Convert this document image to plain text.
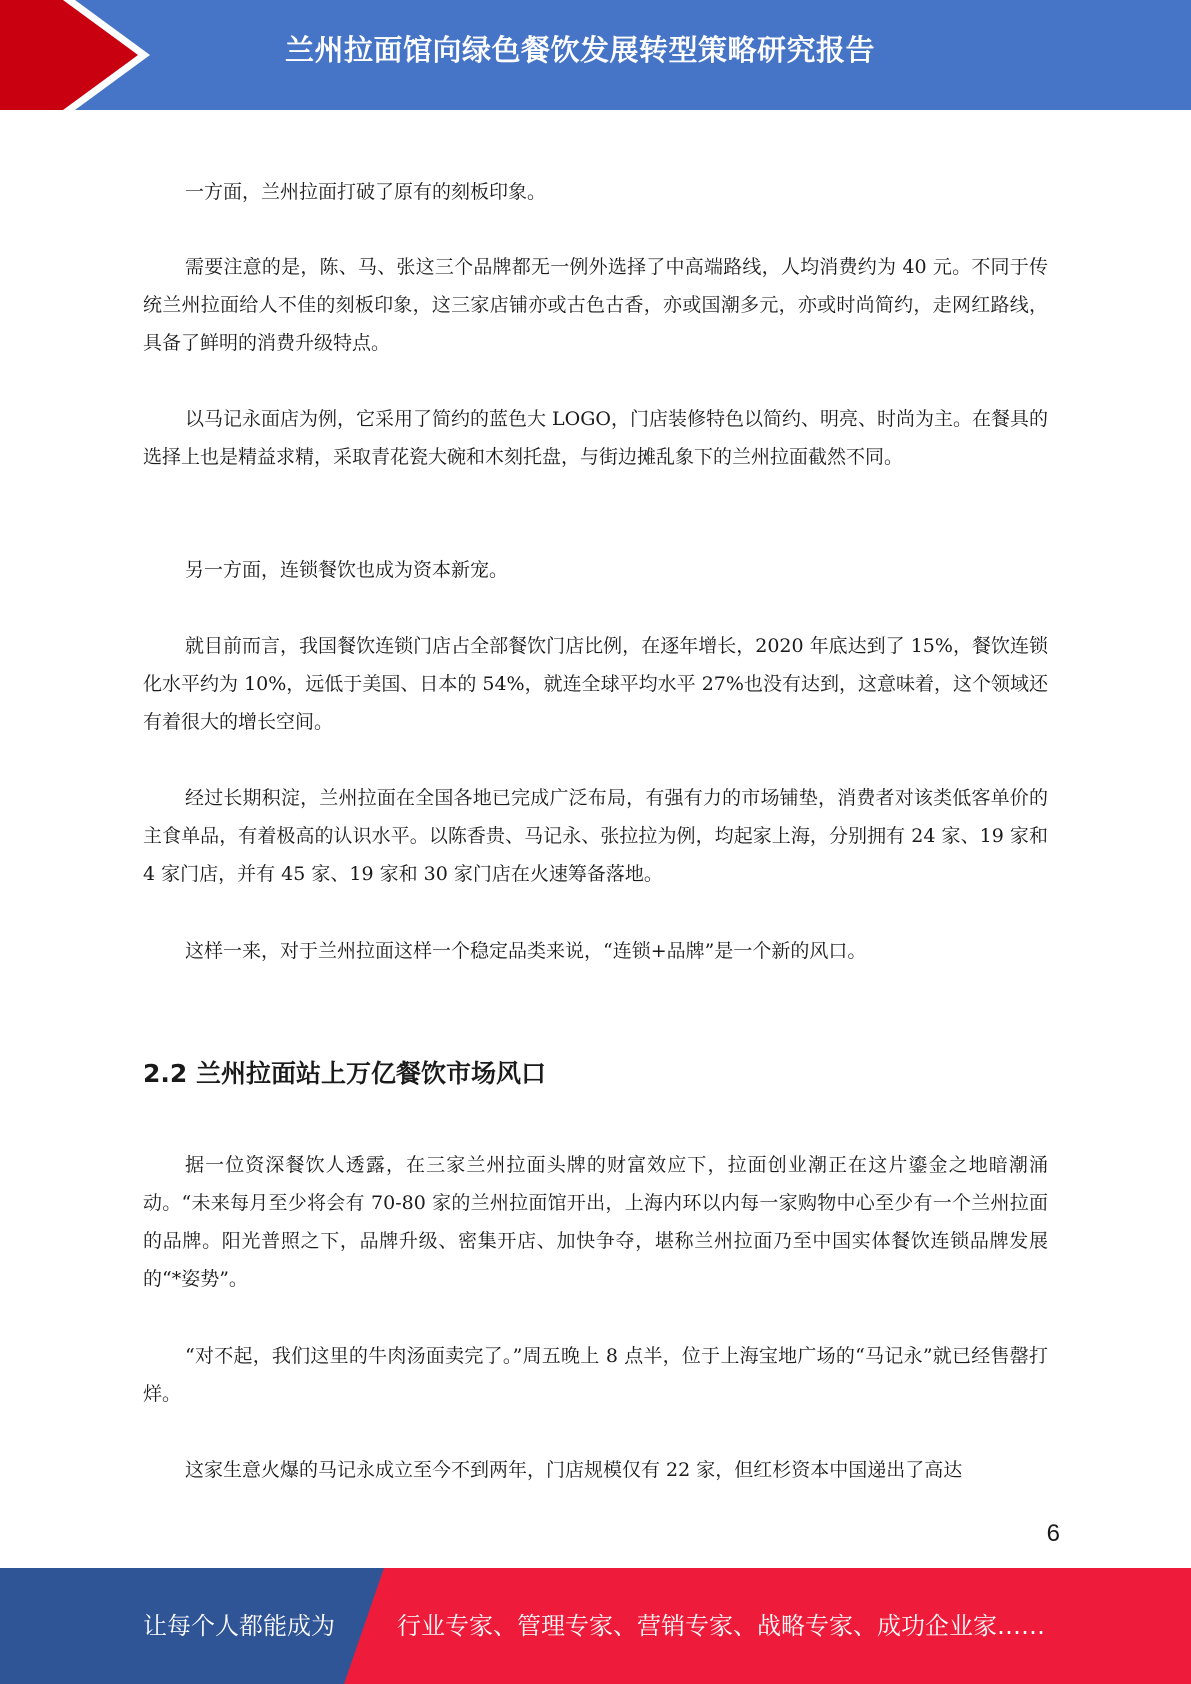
兰州拉面馆向绿色餐饮发展转型策略研究报告

一方面，兰州拉面打破了原有的刻板印象。

需要注意的是，陈、马、张这三个品牌都无一例外选择了中高端路线，人均消费约为 40 元。不同于传统兰州拉面给人不佳的刻板印象，这三家店铺亦或古色古香，亦或国潮多元，亦或时尚简约，走网红路线，具备了鲜明的消费升级特点。

以马记永面店为例，它采用了简约的蓝色大 LOGO，门店装修特色以简约、明亮、时尚为主。在餐具的选择上也是精益求精，采取青花瓷大碗和木刻托盘，与街边摊乱象下的兰州拉面截然不同。

另一方面，连锁餐饮也成为资本新宠。

就目前而言，我国餐饮连锁门店占全部餐饮门店比例，在逐年增长，2020 年底达到了 15%，餐饮连锁化水平约为 10%，远低于美国、日本的 54%，就连全球平均水平 27%也没有达到，这意味着，这个领域还有着很大的增长空间。

经过长期积淀，兰州拉面在全国各地已完成广泛布局，有强有力的市场铺垫，消费者对该类低客单价的主食单品，有着极高的认识水平。以陈香贵、马记永、张拉拉为例，均起家上海，分别拥有 24 家、19 家和 4 家门店，并有 45 家、19 家和 30 家门店在火速筹备落地。

这样一来，对于兰州拉面这样一个稳定品类来说，“连锁+品牌”是一个新的风口。

2.2 兰州拉面站上万亿餐饮市场风口

据一位资深餐饮人透露，在三家兰州拉面头牌的财富效应下，拉面创业潮正在这片鎏金之地暗潮涌动。“未来每月至少将会有 70-80 家的兰州拉面馆开出，上海内环以内每一家购物中心至少有一个兰州拉面的品牌。阳光普照之下，品牌升级、密集开店、加快争夺，堪称兰州拉面乃至中国实体餐饮连锁品牌发展的“*姿势”。

“对不起，我们这里的牛肉汤面卖完了。”周五晚上 8 点半，位于上海宝地广场的“马记永”就已经售罄打烊。

这家生意火爆的马记永成立至今不到两年，门店规模仅有 22 家，但红杉资本中国递出了高达

6
让每个人都能成为	行业专家、管理专家、营销专家、战略专家、成功企业家……
